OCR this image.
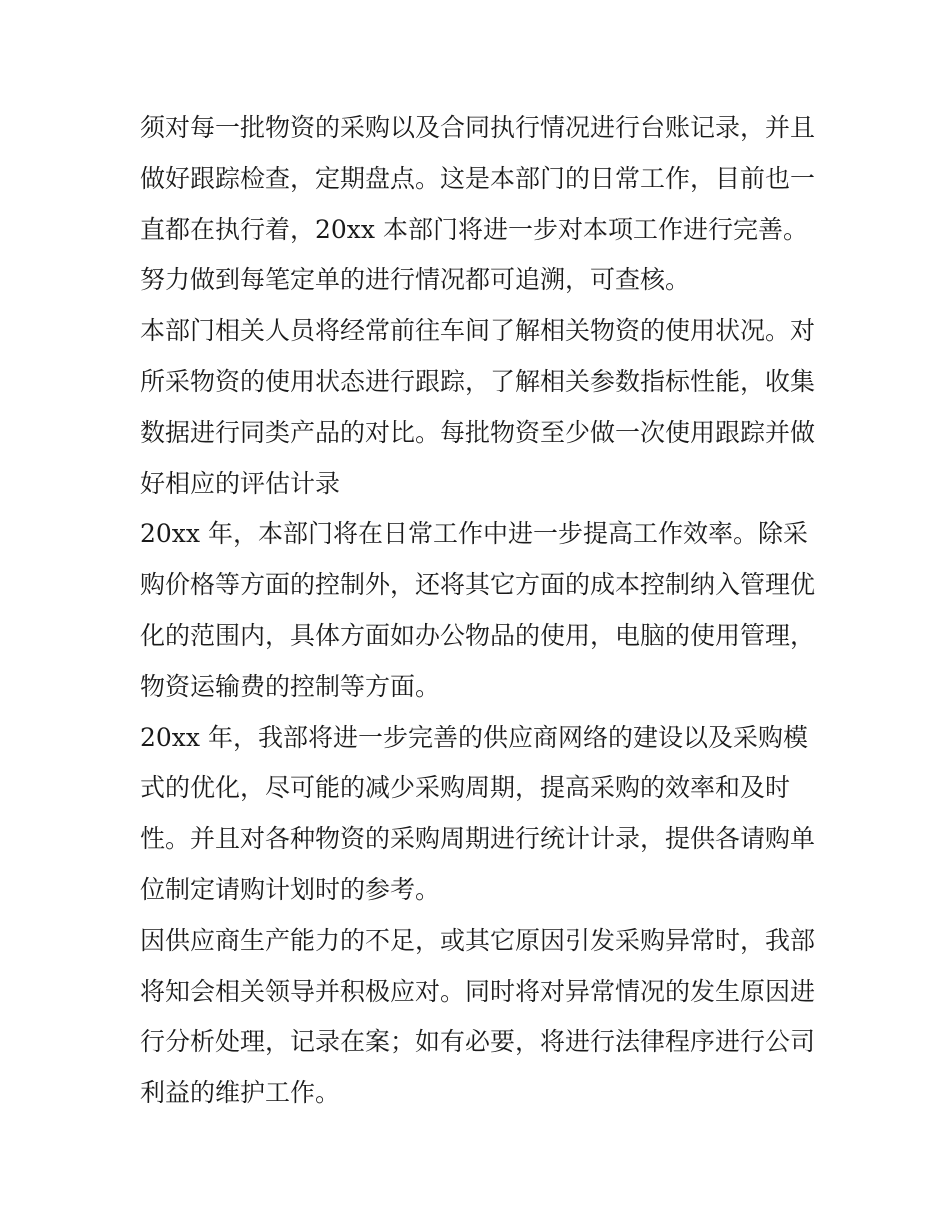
须对每一批物资的采购以及合同执行情况进行台账记录，并且
做好跟踪检查，定期盘点。这是本部门的日常工作，目前也一
直都在执行着，20xx 本部门将进一步对本项工作进行完善。
努力做到每笔定单的进行情况都可追溯，可查核。
本部门相关人员将经常前往车间了解相关物资的使用状况。对
所采物资的使用状态进行跟踪，了解相关参数指标性能，收集
数据进行同类产品的对比。每批物资至少做一次使用跟踪并做
好相应的评估计录
20xx 年，本部门将在日常工作中进一步提高工作效率。除采
购价格等方面的控制外，还将其它方面的成本控制纳入管理优
化的范围内，具体方面如办公物品的使用，电脑的使用管理，
物资运输费的控制等方面。
20xx 年，我部将进一步完善的供应商网络的建设以及采购模
式的优化，尽可能的减少采购周期，提高采购的效率和及时
性。并且对各种物资的采购周期进行统计计录，提供各请购单
位制定请购计划时的参考。
因供应商生产能力的不足，或其它原因引发采购异常时，我部
将知会相关领导并积极应对。同时将对异常情况的发生原因进
行分析处理，记录在案；如有必要，将进行法律程序进行公司
利益的维护工作。
